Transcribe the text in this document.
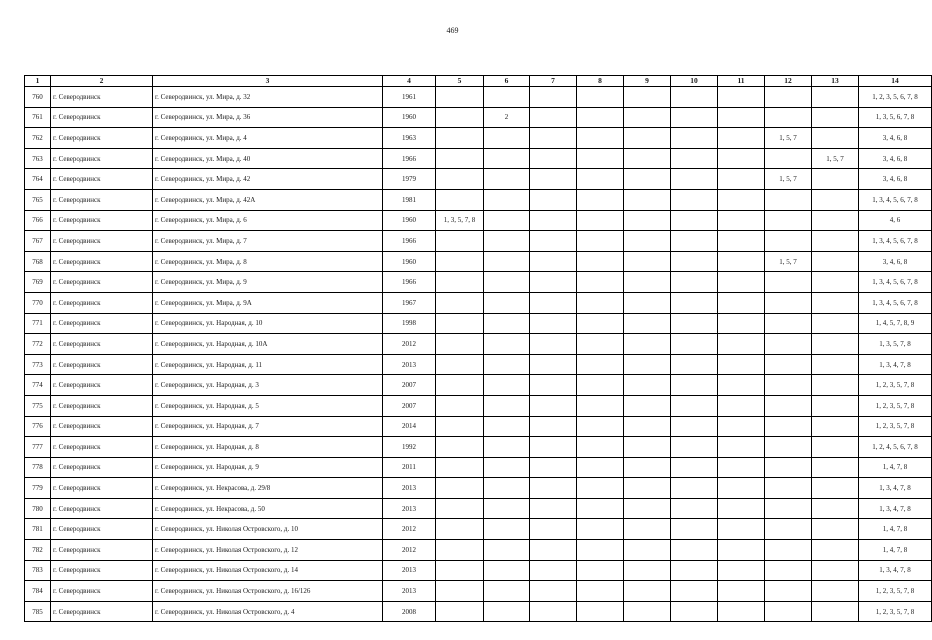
469
1	2	3	4	5	6	7	8	9	10	11	12	13	14
760	г. Северодвинск	г. Северодвинск, ул. Мира, д. 32	1961										1, 2, 3, 5, 6, 7, 8
761	г. Северодвинск	г. Северодвинск, ул. Мира, д. 36	1960		2								1, 3, 5, 6, 7, 8
762	г. Северодвинск	г. Северодвинск, ул. Мира, д. 4	1963								1, 5, 7		3, 4, 6, 8
763	г. Северодвинск	г. Северодвинск, ул. Мира, д. 40	1966									1, 5, 7	3, 4, 6, 8
764	г. Северодвинск	г. Северодвинск, ул. Мира, д. 42	1979								1, 5, 7		3, 4, 6, 8
765	г. Северодвинск	г. Северодвинск, ул. Мира, д. 42А	1981										1, 3, 4, 5, 6, 7, 8
766	г. Северодвинск	г. Северодвинск, ул. Мира, д. 6	1960	1, 3, 5, 7, 8									4, 6
767	г. Северодвинск	г. Северодвинск, ул. Мира, д. 7	1966										1, 3, 4, 5, 6, 7, 8
768	г. Северодвинск	г. Северодвинск, ул. Мира, д. 8	1960								1, 5, 7		3, 4, 6, 8
769	г. Северодвинск	г. Северодвинск, ул. Мира, д. 9	1966										1, 3, 4, 5, 6, 7, 8
770	г. Северодвинск	г. Северодвинск, ул. Мира, д. 9А	1967										1, 3, 4, 5, 6, 7, 8
771	г. Северодвинск	г. Северодвинск, ул. Народная, д. 10	1998										1, 4, 5, 7, 8, 9
772	г. Северодвинск	г. Северодвинск, ул. Народная, д. 10А	2012										1, 3, 5, 7, 8
773	г. Северодвинск	г. Северодвинск, ул. Народная, д. 11	2013										1, 3, 4, 7, 8
774	г. Северодвинск	г. Северодвинск, ул. Народная, д. 3	2007										1, 2, 3, 5, 7, 8
775	г. Северодвинск	г. Северодвинск, ул. Народная, д. 5	2007										1, 2, 3, 5, 7, 8
776	г. Северодвинск	г. Северодвинск, ул. Народная, д. 7	2014										1, 2, 3, 5, 7, 8
777	г. Северодвинск	г. Северодвинск, ул. Народная, д. 8	1992										1, 2, 4, 5, 6, 7, 8
778	г. Северодвинск	г. Северодвинск, ул. Народная, д. 9	2011										1, 4, 7, 8
779	г. Северодвинск	г. Северодвинск, ул. Некрасова, д. 29/8	2013										1, 3, 4, 7, 8
780	г. Северодвинск	г. Северодвинск, ул. Некрасова, д. 50	2013										1, 3, 4, 7, 8
781	г. Северодвинск	г. Северодвинск, ул. Николая Островского, д. 10	2012										1, 4, 7, 8
782	г. Северодвинск	г. Северодвинск, ул. Николая Островского, д. 12	2012										1, 4, 7, 8
783	г. Северодвинск	г. Северодвинск, ул. Николая Островского, д. 14	2013										1, 3, 4, 7, 8
784	г. Северодвинск	г. Северодвинск, ул. Николая Островского, д. 16/126	2013										1, 2, 3, 5, 7, 8
785	г. Северодвинск	г. Северодвинск, ул. Николая Островского, д. 4	2008										1, 2, 3, 5, 7, 8
